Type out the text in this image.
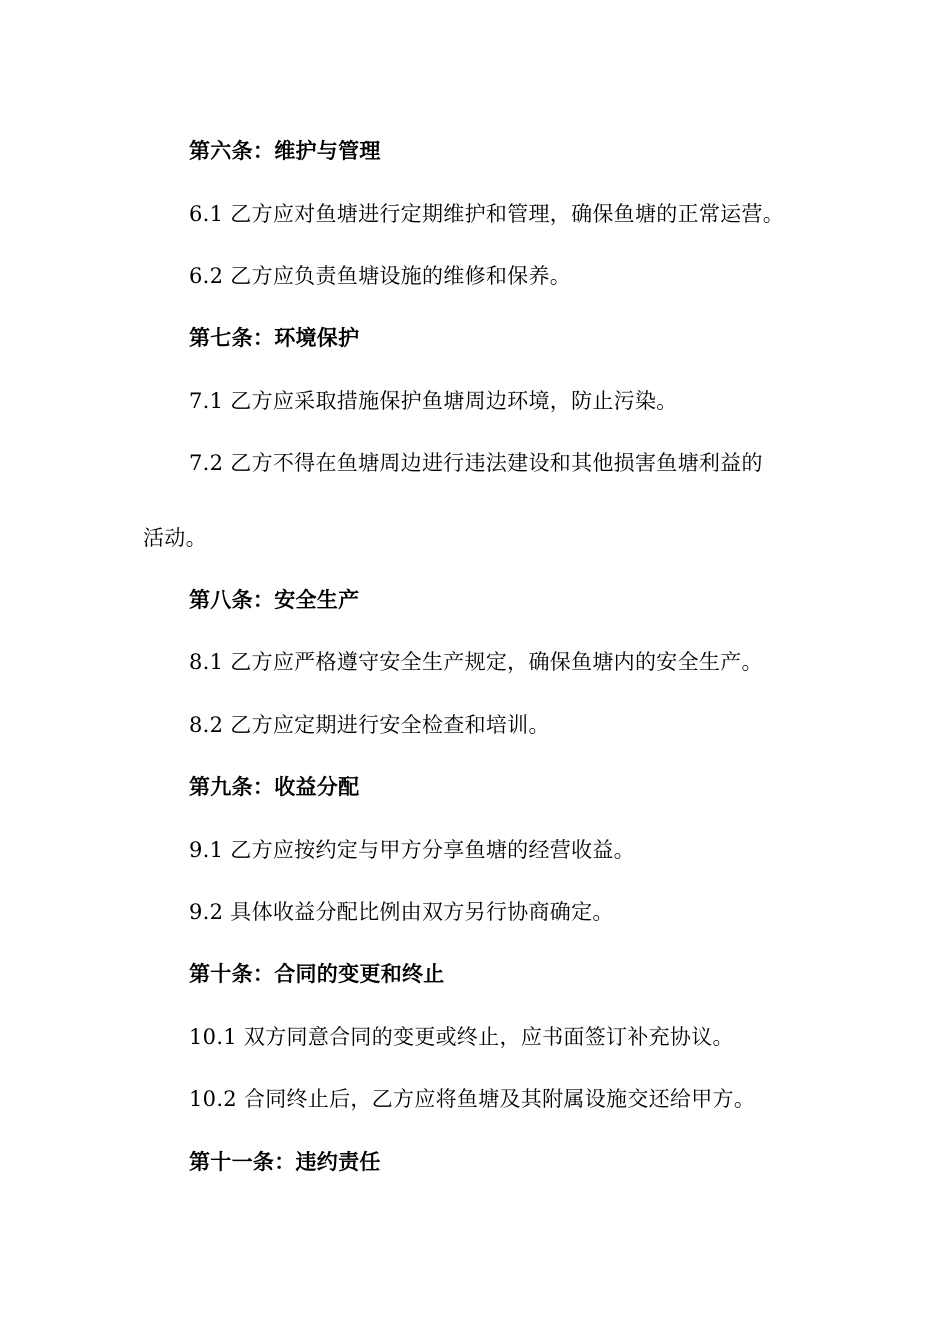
第六条：维护与管理
6.1 乙方应对鱼塘进行定期维护和管理，确保鱼塘的正常运营。
6.2 乙方应负责鱼塘设施的维修和保养。
第七条：环境保护
7.1 乙方应采取措施保护鱼塘周边环境，防止污染。
7.2 乙方不得在鱼塘周边进行违法建设和其他损害鱼塘利益的
活动。
第八条：安全生产
8.1 乙方应严格遵守安全生产规定，确保鱼塘内的安全生产。
8.2 乙方应定期进行安全检查和培训。
第九条：收益分配
9.1 乙方应按约定与甲方分享鱼塘的经营收益。
9.2 具体收益分配比例由双方另行协商确定。
第十条：合同的变更和终止
10.1 双方同意合同的变更或终止，应书面签订补充协议。
10.2 合同终止后，乙方应将鱼塘及其附属设施交还给甲方。
第十一条：违约责任
